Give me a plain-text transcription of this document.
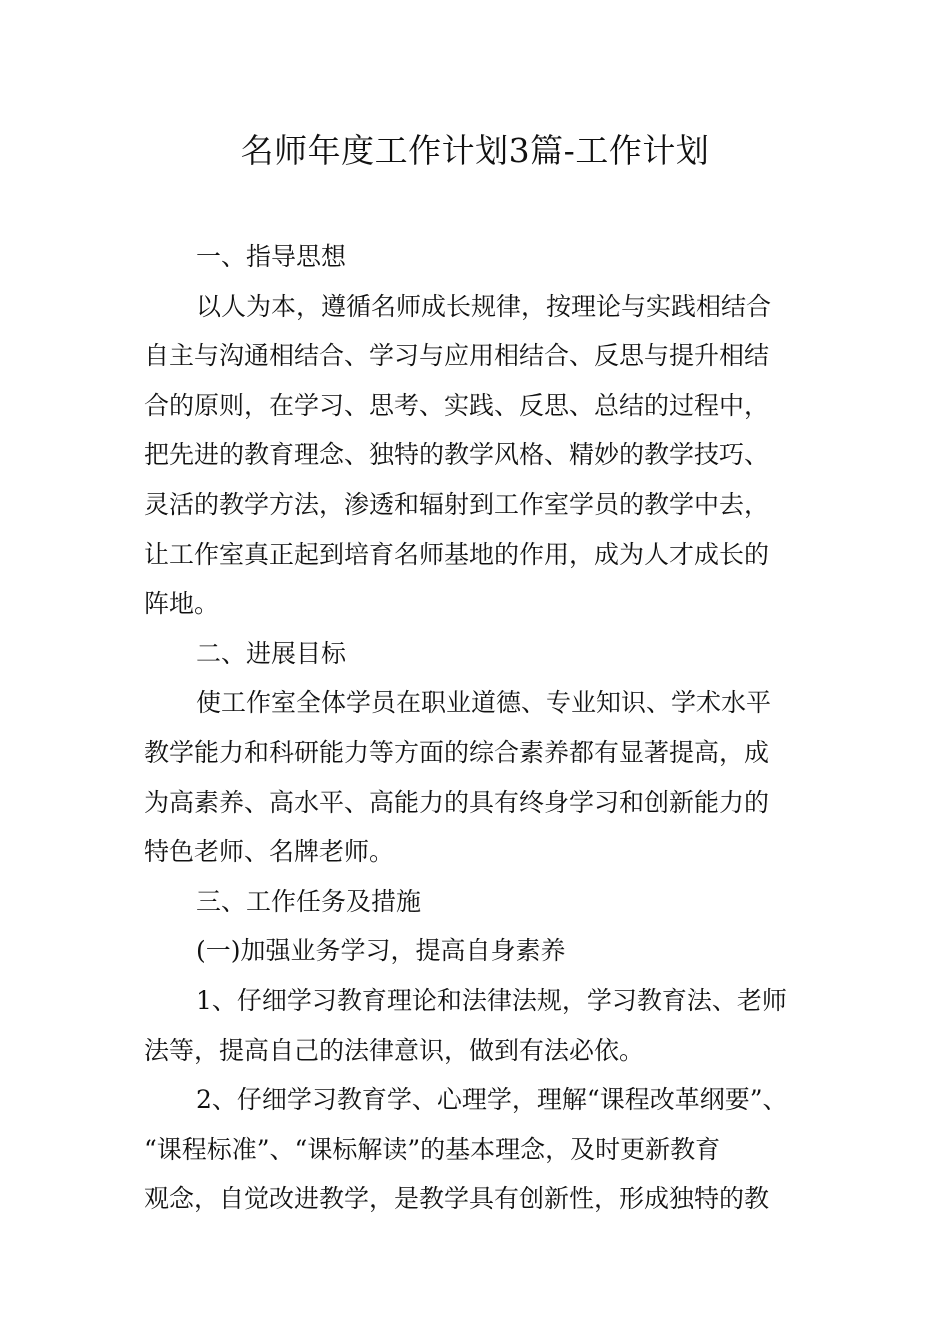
名师年度工作计划3篇-工作计划
一、指导思想
以人为本，遵循名师成长规律，按理论与实践相结合
自主与沟通相结合、学习与应用相结合、反思与提升相结
合的原则，在学习、思考、实践、反思、总结的过程中，
把先进的教育理念、独特的教学风格、精妙的教学技巧、
灵活的教学方法，渗透和辐射到工作室学员的教学中去，
让工作室真正起到培育名师基地的作用，成为人才成长的
阵地。
二、进展目标
使工作室全体学员在职业道德、专业知识、学术水平
教学能力和科研能力等方面的综合素养都有显著提高，成
为高素养、高水平、高能力的具有终身学习和创新能力的
特色老师、名牌老师。
三、工作任务及措施
(一)加强业务学习，提高自身素养
1、仔细学习教育理论和法律法规，学习教育法、老师
法等，提高自己的法律意识，做到有法必依。
2、仔细学习教育学、心理学，理解“课程改革纲要”、
“课程标准”、“课标解读”的基本理念，及时更新教育
观念，自觉改进教学，是教学具有创新性，形成独特的教
